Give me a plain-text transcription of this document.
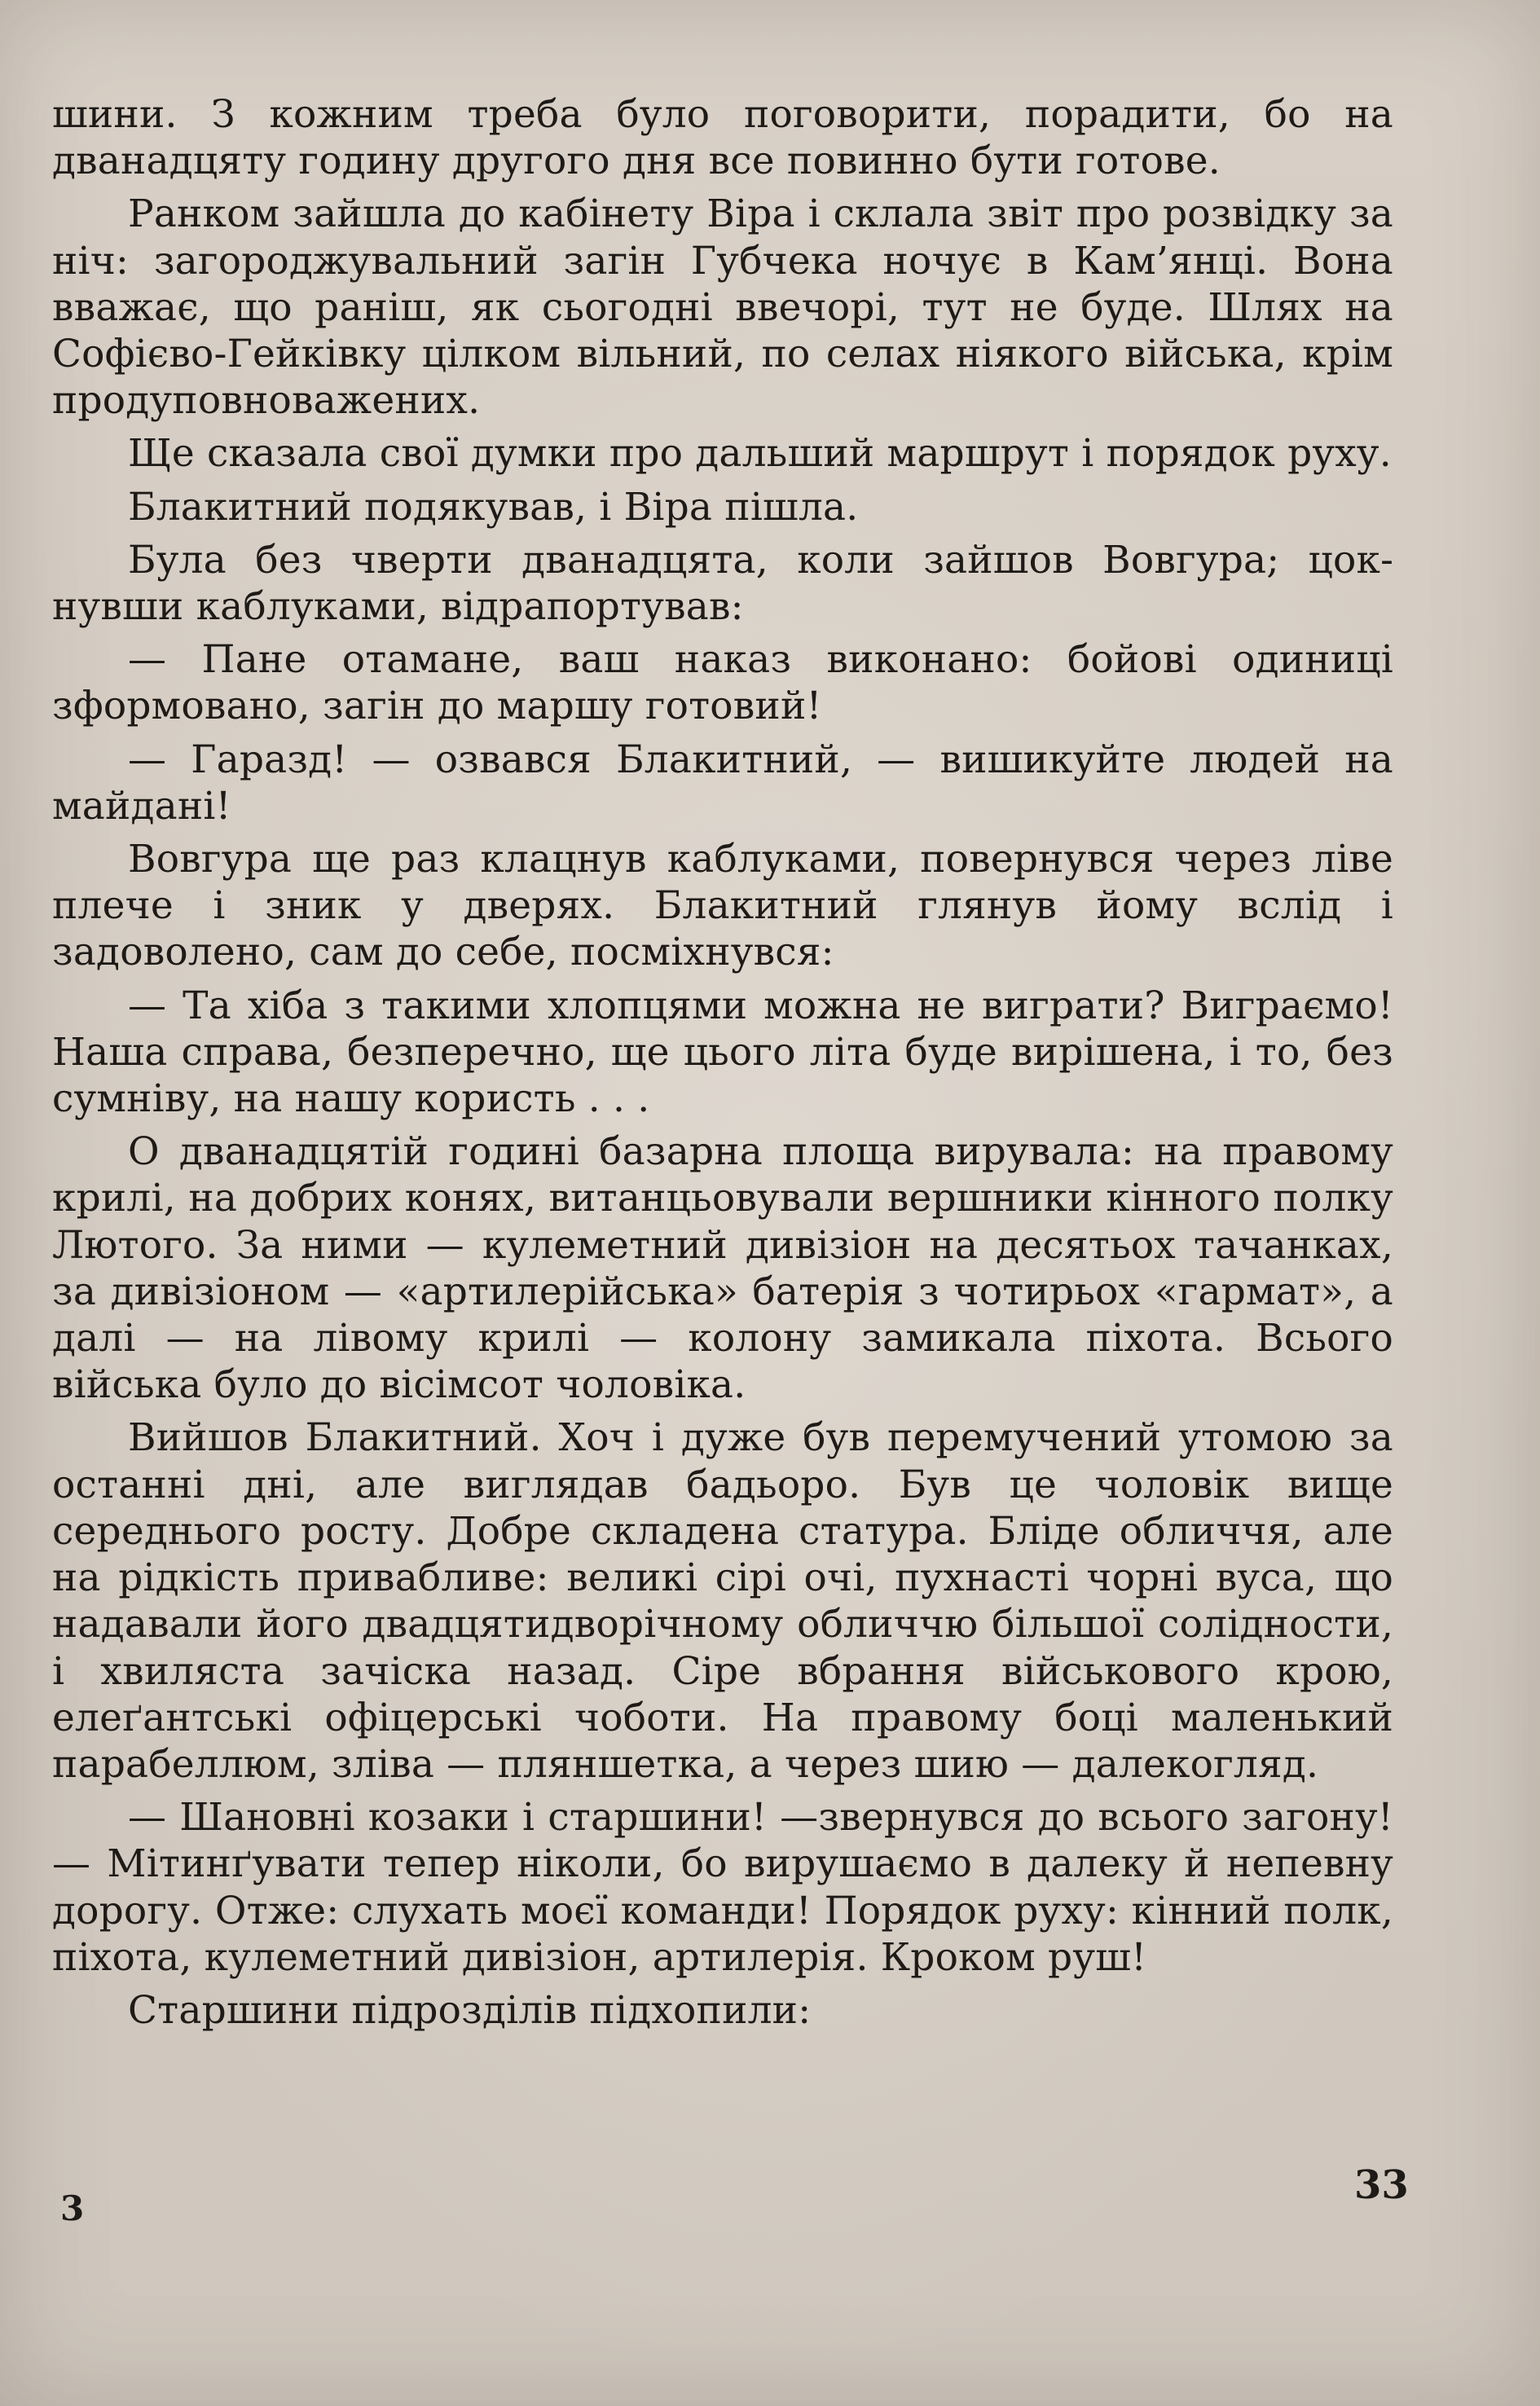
шини. З кожним треба було поговорити, порадити, бо на дванадцяту годину другого дня все повинно бути готове.

Ранком зайшла до кабінету Віра і склала звіт про розвідку за ніч: загороджувальний загін Губчека ночує в Кам’янці. Вона вважає, що раніш, як сьогодні ввечорі, тут не буде. Шлях на Софієво-Гейківку цілком вільний, по селах ніякого війська, крім продуповноважених.

Ще сказала свої думки про дальший маршрут і порядок руху.

Блакитний подякував, і Віра пішла.

Була без чверти дванадцята, коли зайшов Вовгура; цокнувши каблуками, відрапортував:

— Пане отамане, ваш наказ виконано: бойові одиниці зформовано, загін до маршу готовий!

— Гаразд! — озвався Блакитний, — вишикуйте людей на майдані!

Вовгура ще раз клацнув каблуками, повернувся через ліве плече і зник у дверях. Блакитний глянув йому вслід і задоволено, сам до себе, посміхнувся:

— Та хіба з такими хлопцями можна не виграти? Виграємо! Наша справа, безперечно, ще цього літа буде вирішена, і то, без сумніву, на нашу користь . . .

О дванадцятій годині базарна площа вирувала: на правому крилі, на добрих конях, витанцьовували вершники кінного полку Лютого. За ними — кулеметний дивізіон на десятьох тачанках, за дивізіоном — «артилерійська» батерія з чотирьох «гармат», а далі — на лівому крилі — колону замикала піхота. Всього війська було до вісімсот чоловіка.

Вийшов Блакитний. Хоч і дуже був перемучений утомою за останні дні, але виглядав бадьоро. Був це чоловік вище середнього росту. Добре складена статура. Бліде обличчя, але на рідкість привабливе: великі сірі очі, пухнасті чорні вуса, що надавали його двадцятидворічному обличчю більшої солідности, і хвиляста зачіска назад. Сіре вбрання військового крою, елеґантські офіцерські чоботи. На правому боці маленький парабеллюм, зліва — пляншетка, а через шию — далекогляд.

— Шановні козаки і старшини! —звернувся до всього загону! — Мітинґувати тепер ніколи, бо вирушаємо в далеку й непевну дорогу. Отже: слухать моєї команди! Порядок руху: кінний полк, піхота, кулеметний дивізіон, артилерія. Кроком руш!

Старшини підрозділів підхопили:

3
33
